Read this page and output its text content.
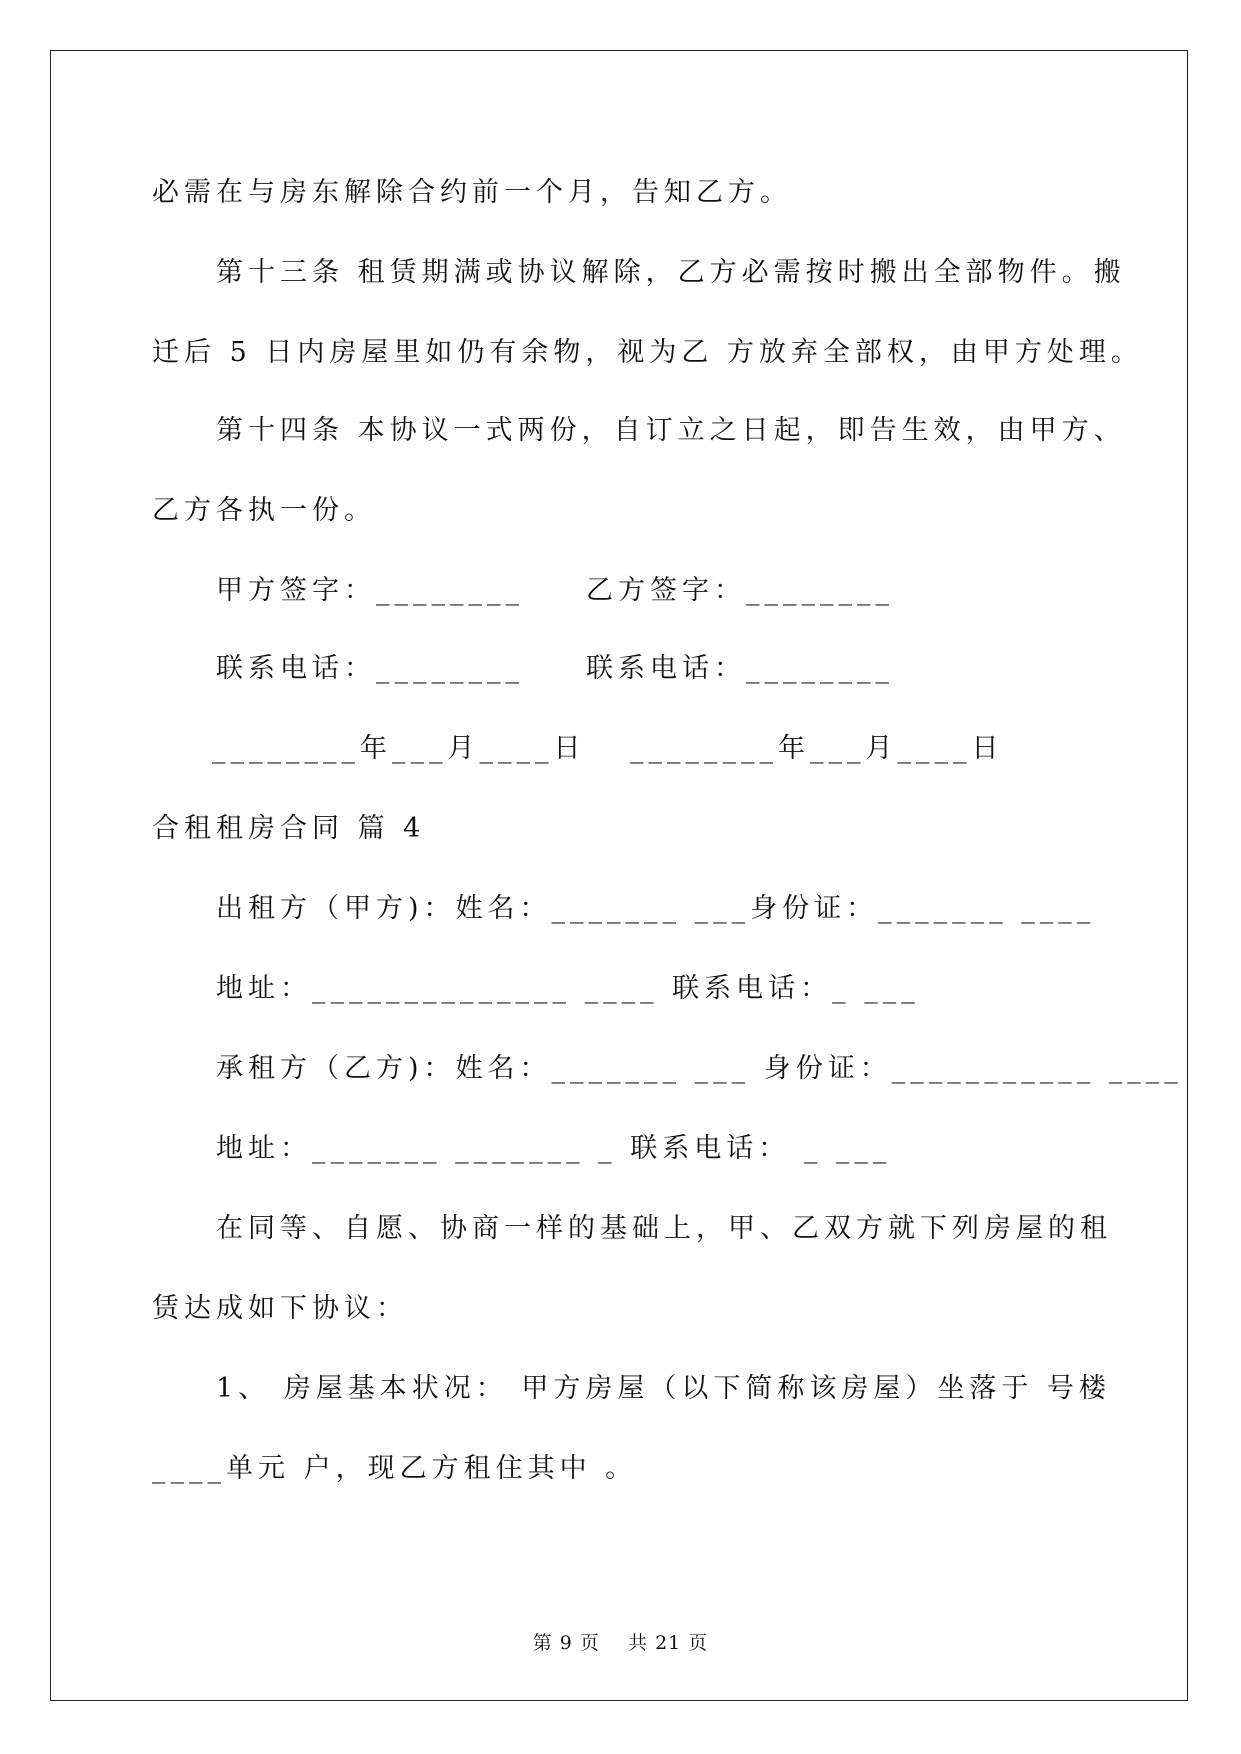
必需在与房东解除合约前一个月，告知乙方。
第十三条 租赁期满或协议解除，乙方必需按时搬出全部物件。搬
迁后 5 日内房屋里如仍有余物，视为乙 方放弃全部权，由甲方处理。
第十四条 本协议一式两份，自订立之日起，即告生效，由甲方、
乙方各执一份。
甲方签字：________ 乙方签字：________
联系电话：________ 联系电话：________
________年___月____日 ________年___月____日
合租租房合同 篇 4
出租方（甲方)：姓名：_______ ___身份证：_______ ____
地址：______________ ____ 联系电话：_ ___
承租方（乙方)：姓名：_______ ___ 身份证：___________ ____
地址：_______ _______ _ 联系电话： _ ___
在同等、自愿、协商一样的基础上，甲、乙双方就下列房屋的租
赁达成如下协议：
1、 房屋基本状况： 甲方房屋（以下简称该房屋）坐落于 号楼
____单元 户，现乙方租住其中 。
第 9 页    共 21 页
